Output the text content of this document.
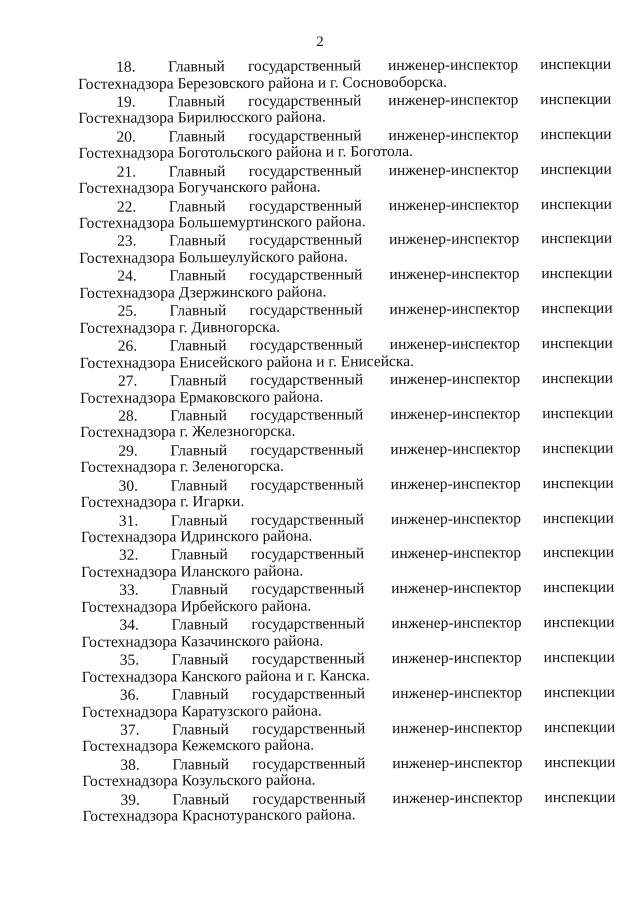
2
18.	Главный	государственный	инженер-инспектор	инспекции
Гостехнадзора Березовского района и г. Сосновоборска.
19.	Главный	государственный	инженер-инспектор	инспекции
Гостехнадзора Бирилюсского района.
20.	Главный	государственный	инженер-инспектор	инспекции
Гостехнадзора Боготольского района и г. Боготола.
21.	Главный	государственный	инженер-инспектор	инспекции
Гостехнадзора Богучанского района.
22.	Главный	государственный	инженер-инспектор	инспекции
Гостехнадзора Большемуртинского района.
23.	Главный	государственный	инженер-инспектор	инспекции
Гостехнадзора Большеулуйского района.
24.	Главный	государственный	инженер-инспектор	инспекции
Гостехнадзора Дзержинского района.
25.	Главный	государственный	инженер-инспектор	инспекции
Гостехнадзора г. Дивногорска.
26.	Главный	государственный	инженер-инспектор	инспекции
Гостехнадзора Енисейского района и г. Енисейска.
27.	Главный	государственный	инженер-инспектор	инспекции
Гостехнадзора Ермаковского района.
28.	Главный	государственный	инженер-инспектор	инспекции
Гостехнадзора г. Железногорска.
29.	Главный	государственный	инженер-инспектор	инспекции
Гостехнадзора г. Зеленогорска.
30.	Главный	государственный	инженер-инспектор	инспекции
Гостехнадзора г. Игарки.
31.	Главный	государственный	инженер-инспектор	инспекции
Гостехнадзора Идринского района.
32.	Главный	государственный	инженер-инспектор	инспекции
Гостехнадзора Иланского района.
33.	Главный	государственный	инженер-инспектор	инспекции
Гостехнадзора Ирбейского района.
34.	Главный	государственный	инженер-инспектор	инспекции
Гостехнадзора Казачинского района.
35.	Главный	государственный	инженер-инспектор	инспекции
Гостехнадзора Канского района и г. Канска.
36.	Главный	государственный	инженер-инспектор	инспекции
Гостехнадзора Каратузского района.
37.	Главный	государственный	инженер-инспектор	инспекции
Гостехнадзора Кежемского района.
38.	Главный	государственный	инженер-инспектор	инспекции
Гостехнадзора Козульского района.
39.	Главный	государственный	инженер-инспектор	инспекции
Гостехнадзора Краснотуранского района.
